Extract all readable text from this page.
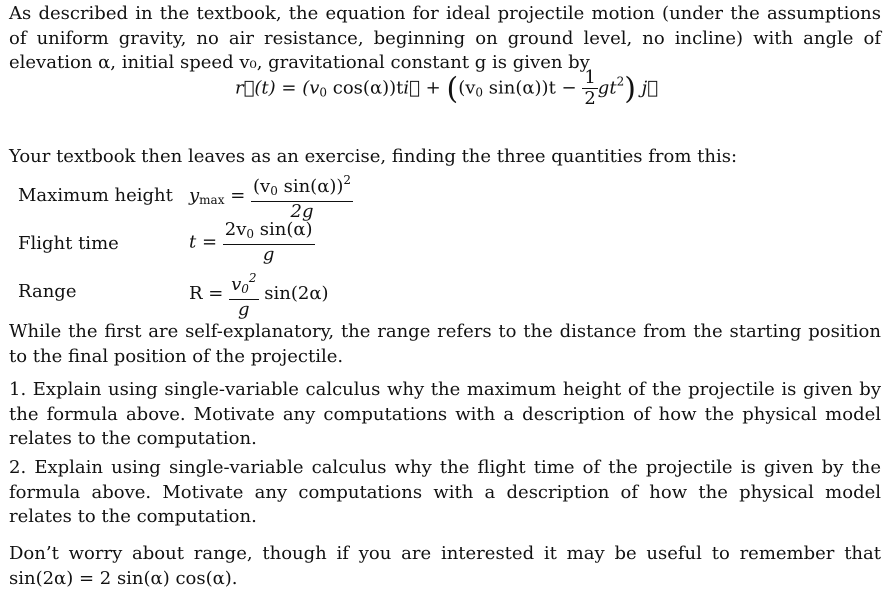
As described in the textbook, the equation for ideal projectile motion (under the assumptions of uniform gravity, no air resistance, beginning on ground level, no incline) with angle of elevation α, initial speed v₀, gravitational constant g is given by

r⃗(t) = ($v_0$ cos(α))ti⃗ + (($v_0$ $\sin(\alpha))t - \frac{1}{2} gt^2$) j⃗

Your textbook then leaves as an exercise, finding the three quantities from this:

Maximum height $y_{max} = \frac{(v_0 \sin(\alpha))^2}{2g}$
Flight time	$t = \frac{2v_0 \sin(\alpha)}{g}$
Range	$R = \frac{v_0^2}{g} \sin(2\alpha)$

While the first are self-explanatory, the range refers to the distance from the starting position to the final position of the projectile.

1. Explain using single-variable calculus why the maximum height of the projectile is given by the formula above. Motivate any computations with a description of how the physical model relates to the computation.

2. Explain using single-variable calculus why the flight time of the projectile is given by the formula above. Motivate any computations with a description of how the physical model relates to the computation.

Don’t worry about range, though if you are interested it may be useful to remember that sin(2α) = 2 sin(α) cos(α).
